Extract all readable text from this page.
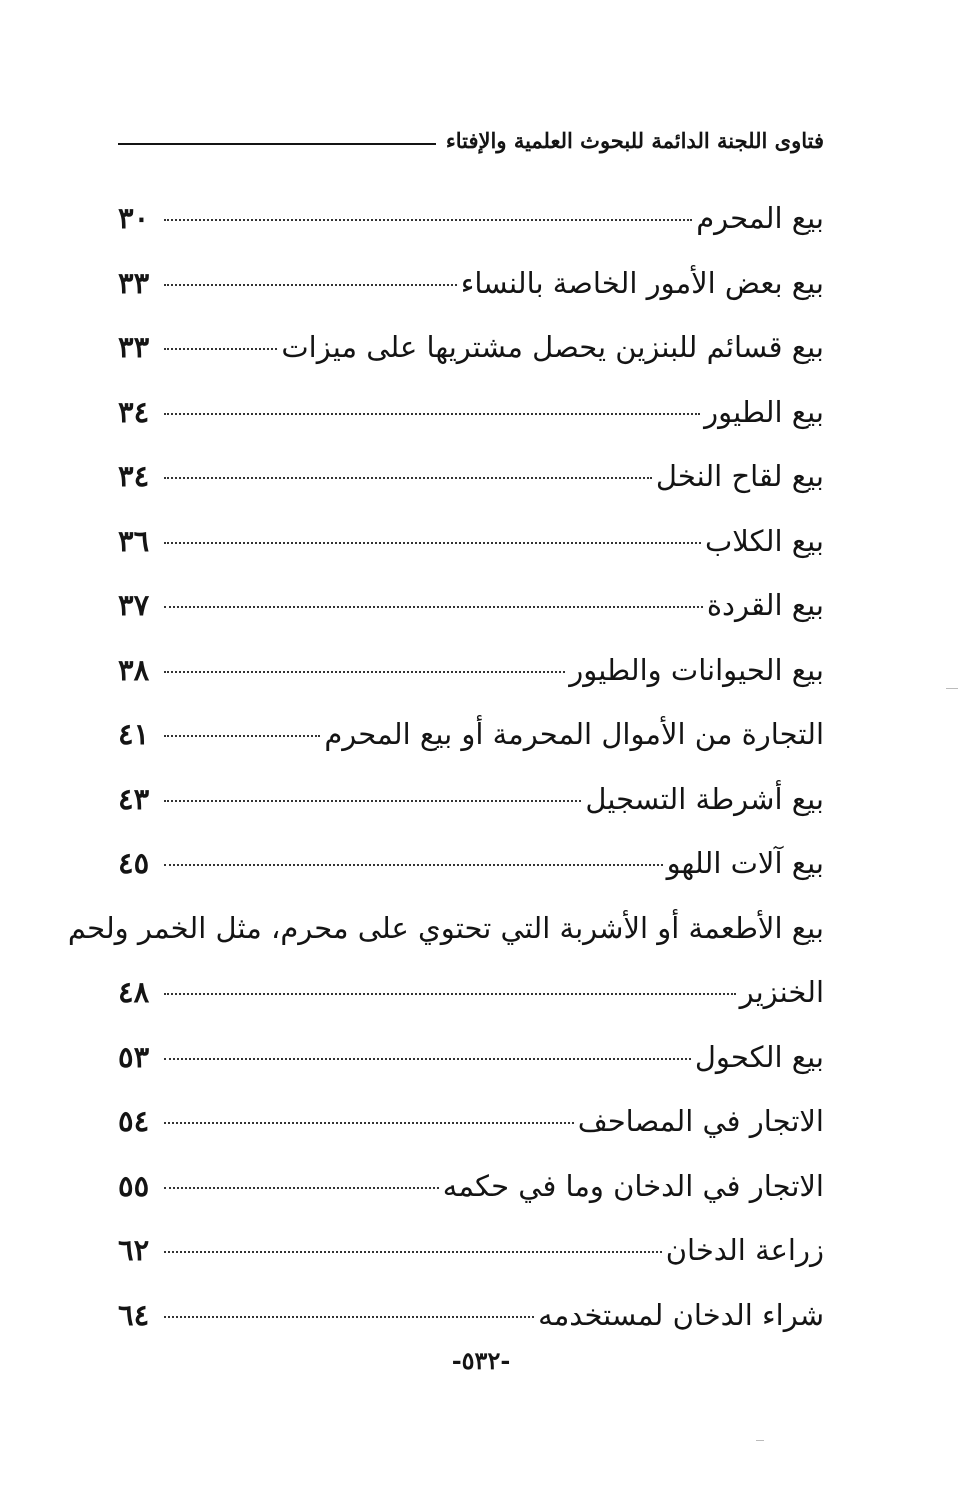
فتاوى اللجنة الدائمة للبحوث العلمية والإفتاء
بيع المحرم
٣٠
بيع بعض الأمور الخاصة بالنساء
٣٣
بيع قسائم للبنزين يحصل مشتريها على ميزات
٣٣
بيع الطيور
٣٤
بيع لقاح النخل
٣٤
بيع الكلاب
٣٦
بيع القردة
٣٧
بيع الحيوانات والطيور
٣٨
التجارة من الأموال المحرمة أو بيع المحرم
٤١
بيع أشرطة التسجيل
٤٣
بيع آلات اللهو
٤٥
بيع الأطعمة أو الأشربة التي تحتوي على محرم، مثل الخمر ولحم
الخنزير
٤٨
بيع الكحول
٥٣
الاتجار في المصاحف
٥٤
الاتجار في الدخان وما في حكمه
٥٥
زراعة الدخان
٦٢
شراء الدخان لمستخدمه
٦٤
-٥٣٢-
